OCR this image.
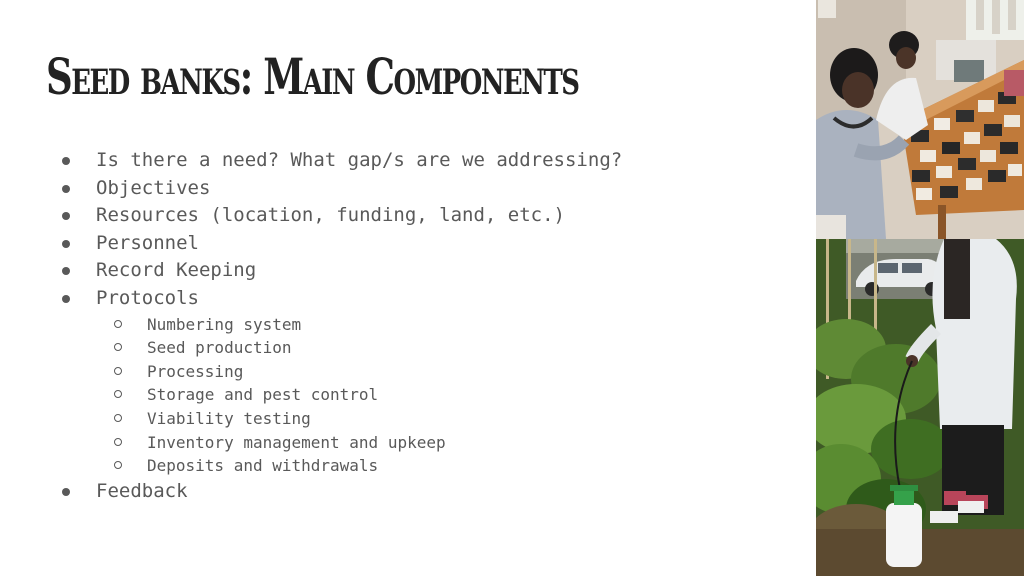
Seed banks: Main Components
Is there a need? What gap/s are we addressing?
Objectives
Resources (location, funding, land, etc.)
Personnel
Record Keeping
Protocols
Numbering system
Seed production
Processing
Storage and pest control
Viability testing
Inventory management and upkeep
Deposits and withdrawals
Feedback
